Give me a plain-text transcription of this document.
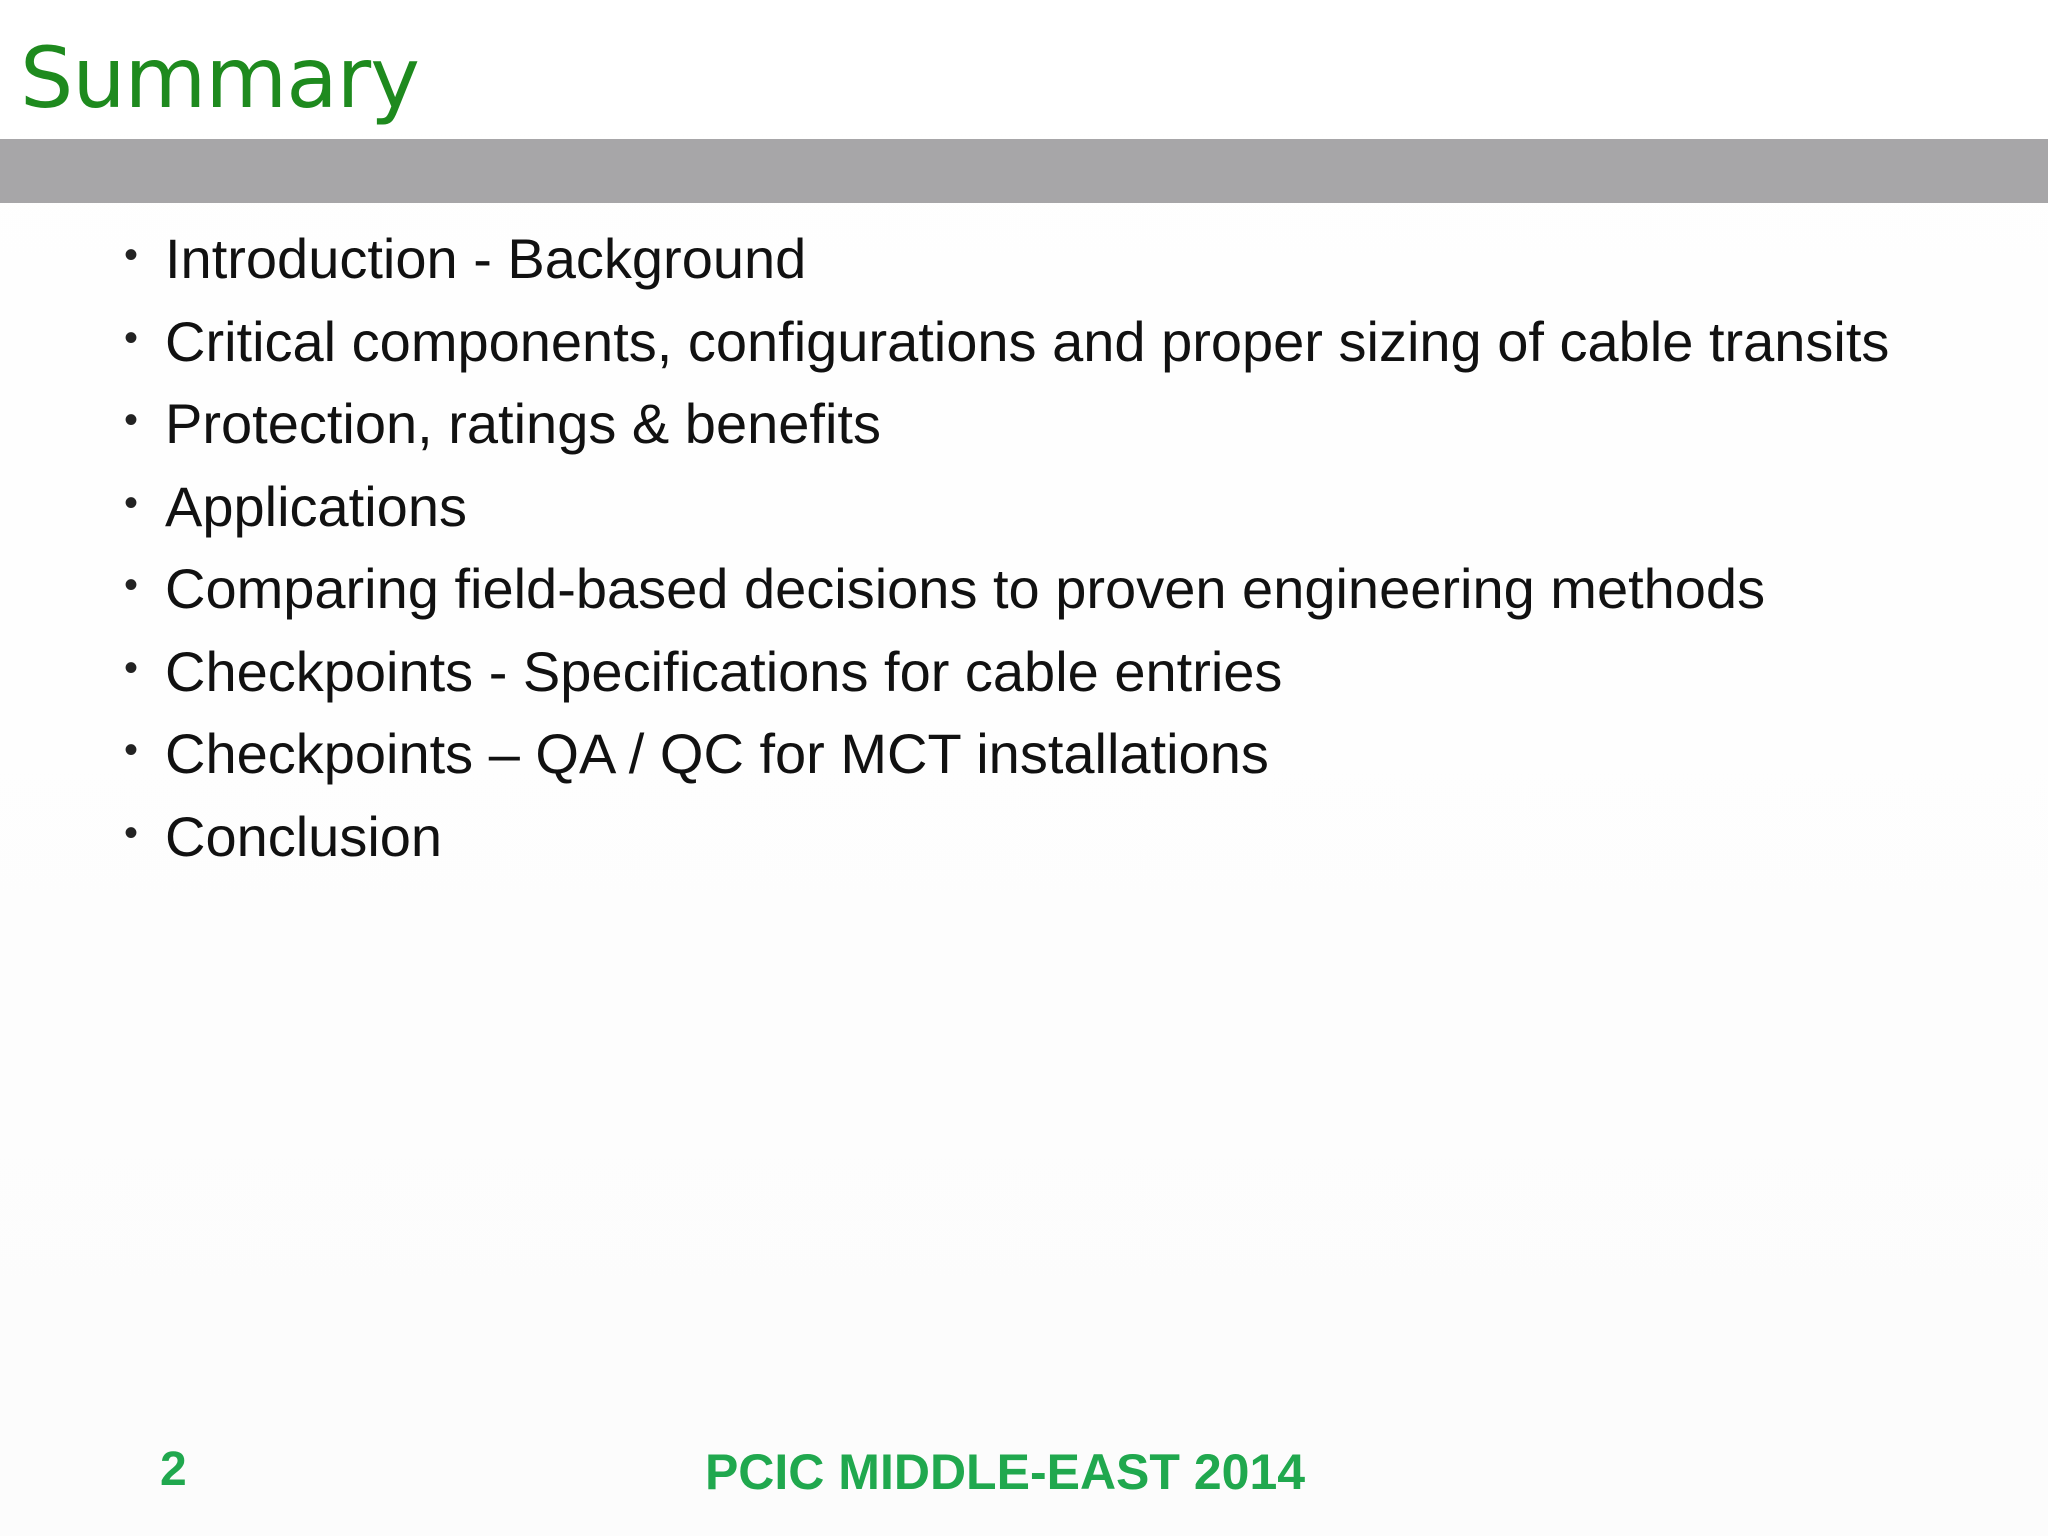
Summary
• Introduction - Background
• Critical components, configurations and proper sizing of cable transits
• Protection, ratings & benefits
• Applications
• Comparing field-based decisions to proven engineering methods
• Checkpoints - Specifications for cable entries
• Checkpoints – QA / QC for MCT installations
• Conclusion
2	PCIC MIDDLE-EAST 2014
